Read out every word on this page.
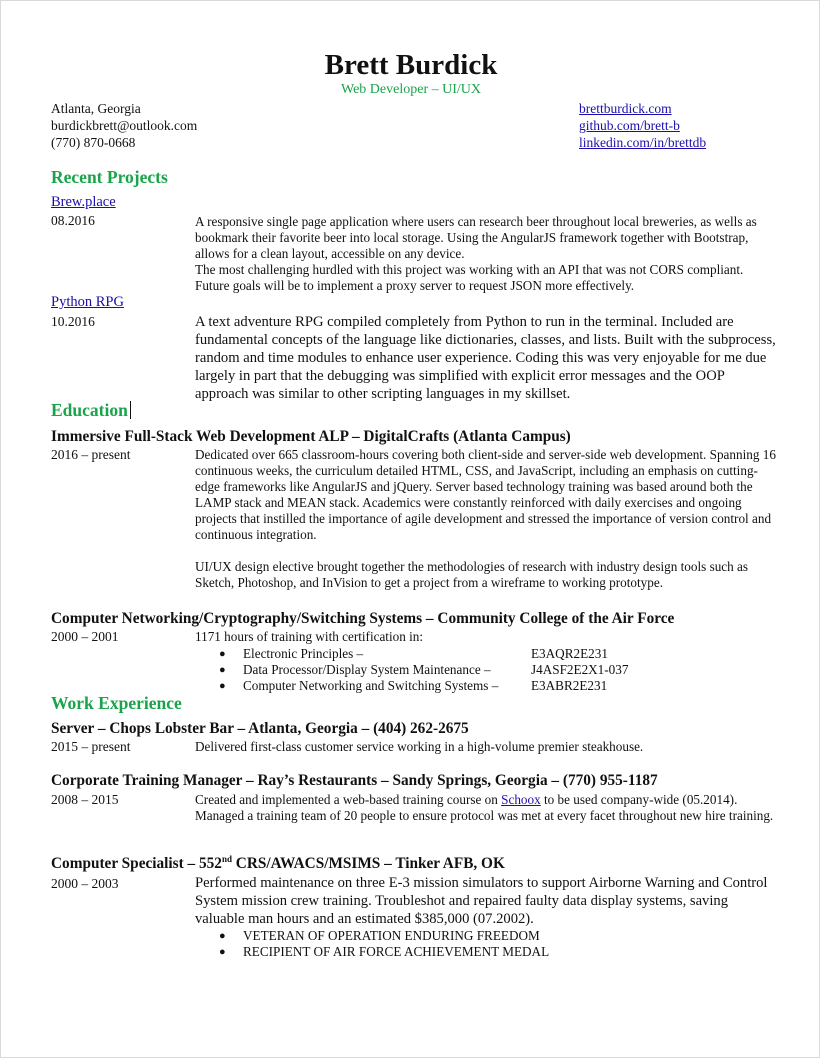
Brett Burdick
Web Developer – UI/UX
Atlanta, Georgia
burdickbrett@outlook.com
(770) 870-0668
brettburdick.com
github.com/brett-b
linkedin.com/in/brettdb
Recent Projects
Brew.place
08.2016	A responsive single page application where users can research beer throughout local breweries, as wells as bookmark their favorite beer into local storage. Using the AngularJS framework together with Bootstrap, allows for a clean layout, accessible on any device.

The most challenging hurdled with this project was working with an API that was not CORS compliant. Future goals will be to implement a proxy server to request JSON more effectively.

Python RPG
10.2016	A text adventure RPG compiled completely from Python to run in the terminal. Included are fundamental concepts of the language like dictionaries, classes, and lists. Built with the subprocess, random and time modules to enhance user experience. Coding this was very enjoyable for me due largely in part that the debugging was simplified with explicit error messages and the OOP approach was similar to other scripting languages in my skillset.

Education
Immersive Full-Stack Web Development ALP – DigitalCrafts (Atlanta Campus)
2016 – present	Dedicated over 665 classroom-hours covering both client-side and server-side web development. Spanning 16 continuous weeks, the curriculum detailed HTML, CSS, and JavaScript, including an emphasis on cutting-edge frameworks like AngularJS and jQuery. Server based technology training was based around both the LAMP stack and MEAN stack. Academics were constantly reinforced with daily exercises and ongoing projects that instilled the importance of agile development and stressed the importance of version control and continuous integration.

UI/UX design elective brought together the methodologies of research with industry design tools such as Sketch, Photoshop, and InVision to get a project from a wireframe to working prototype.

Computer Networking/Cryptography/Switching Systems – Community College of the Air Force
2000 – 2001	1171 hours of training with certification in:
● Electronic Principles –	E3AQR2E231
● Data Processor/Display System Maintenance –	J4ASF2E2X1-037
● Computer Networking and Switching Systems – E3ABR2E231
Work Experience
Server – Chops Lobster Bar – Atlanta, Georgia – (404) 262-2675
2015 – present	Delivered first-class customer service working in a high-volume premier steakhouse.
Corporate Training Manager – Ray’s Restaurants – Sandy Springs, Georgia – (770) 955-1187
2008 – 2015	Created and implemented a web-based training course on Schoox to be used company-wide (05.2014). Managed a training team of 20 people to ensure protocol was met at every facet throughout new hire training.
Computer Specialist – 552nd CRS/AWACS/MSIMS – Tinker AFB, OK
2000 – 2003	Performed maintenance on three E-3 mission simulators to support Airborne Warning and Control System mission crew training. Troubleshot and repaired faulty data display systems, saving valuable man hours and an estimated $385,000 (07.2002).
● VETERAN OF OPERATION ENDURING FREEDOM
● RECIPIENT OF AIR FORCE ACHIEVEMENT MEDAL
